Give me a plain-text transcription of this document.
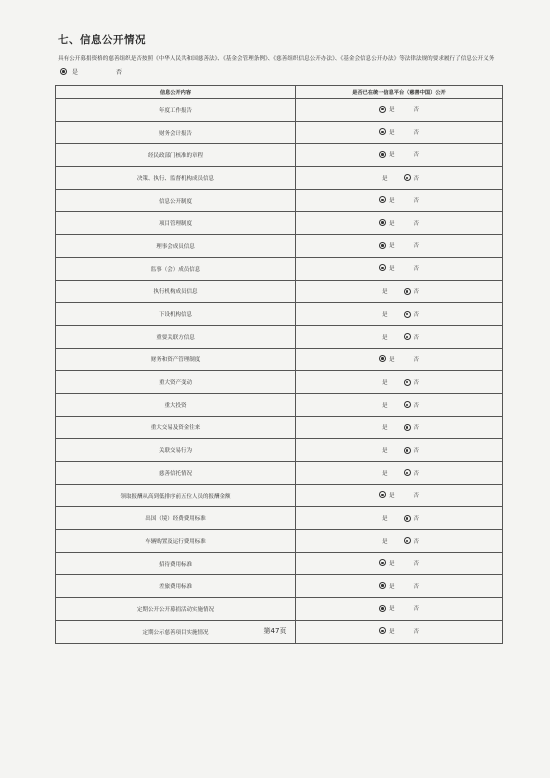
七、信息公开情况
具有公开募捐资格的慈善组织是否按照《中华人民共和国慈善法》、《基金会管理条例》、《慈善组织信息公开办法》、《基金会信息公开办法》等法律法规的要求履行了信息公开义务
是	否
信息公开内容	是否已在统一信息平台（慈善中国）公开
年度工作报告	是 否

财务会计报告	是 否

经民政部门核准的章程	是 否

决策、执行、监督机构成员信息	是 否

信息公开制度	是 否

项目管理制度	是 否

理事会成员信息	是 否

监事（会）成员信息	是 否

执行机构成员信息	是 否

下设机构信息	是 否

重要关联方信息	是 否

财务和资产管理制度	是 否

重大资产变动	是 否

重大投资	是 否

重大交易及资金往来	是 否

关联交易行为	是 否

慈善信托情况	是 否

领取报酬从高到低排序前五位人员的报酬金额	是 否

出国（境）经费费用标准	是 否

车辆购置及运行费用标准	是 否

招待费用标准	是 否

差旅费用标准	是 否

定期公开公开募捐活动实施情况	是 否

定期公示慈善项目实施情况	是 否
第47页
